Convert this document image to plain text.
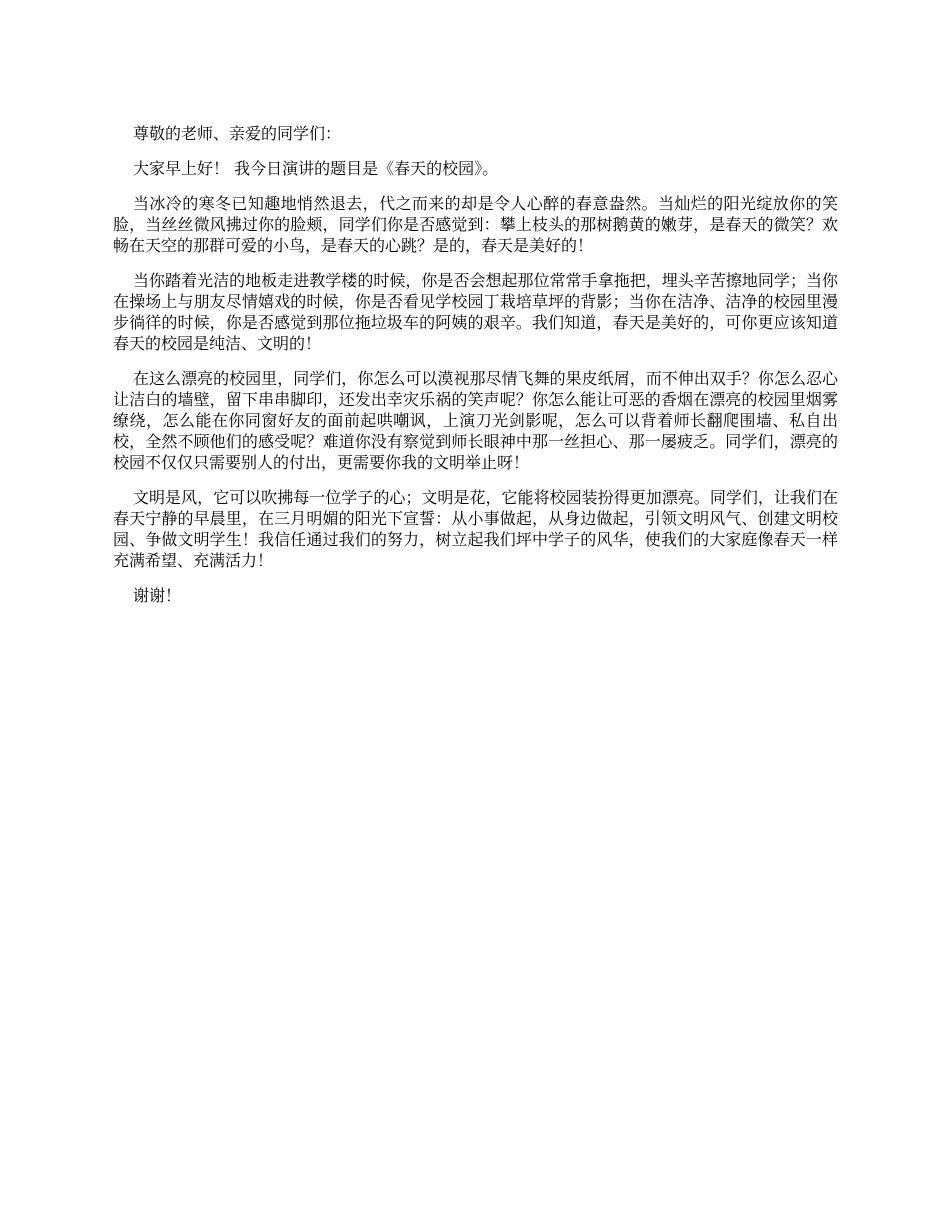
尊敬的老师、亲爱的同学们：

大家早上好！ 我今日演讲的题目是《春天的校园》。

当冰冷的寒冬已知趣地悄然退去，代之而来的却是令人心醉的春意盎然。当灿烂的阳光绽放你的笑脸，当丝丝微风拂过你的脸颊，同学们你是否感觉到：攀上枝头的那树鹅黄的嫩芽，是春天的微笑？欢畅在天空的那群可爱的小鸟，是春天的心跳？是的，春天是美好的！

当你踏着光洁的地板走进教学楼的时候，你是否会想起那位常常手拿拖把，埋头辛苦擦地同学；当你在操场上与朋友尽情嬉戏的时候，你是否看见学校园丁栽培草坪的背影；当你在洁净、洁净的校园里漫步徜徉的时候，你是否感觉到那位拖垃圾车的阿姨的艰辛。我们知道，春天是美好的，可你更应该知道春天的校园是纯洁、文明的！

在这么漂亮的校园里，同学们，你怎么可以漠视那尽情飞舞的果皮纸屑，而不伸出双手？你怎么忍心让洁白的墙壁，留下串串脚印，还发出幸灾乐祸的笑声呢？你怎么能让可恶的香烟在漂亮的校园里烟雾缭绕，怎么能在你同窗好友的面前起哄嘲讽，上演刀光剑影呢，怎么可以背着师长翻爬围墙、私自出校，全然不顾他们的感受呢？难道你没有察觉到师长眼神中那一丝担心、那一屡疲乏。同学们，漂亮的校园不仅仅只需要别人的付出，更需要你我的文明举止呀！

文明是风，它可以吹拂每一位学子的心；文明是花，它能将校园装扮得更加漂亮。同学们，让我们在春天宁静的早晨里，在三月明媚的阳光下宣誓：从小事做起，从身边做起，引领文明风气、创建文明校园、争做文明学生！我信任通过我们的努力，树立起我们坪中学子的风华，使我们的大家庭像春天一样充满希望、充满活力！

谢谢！
